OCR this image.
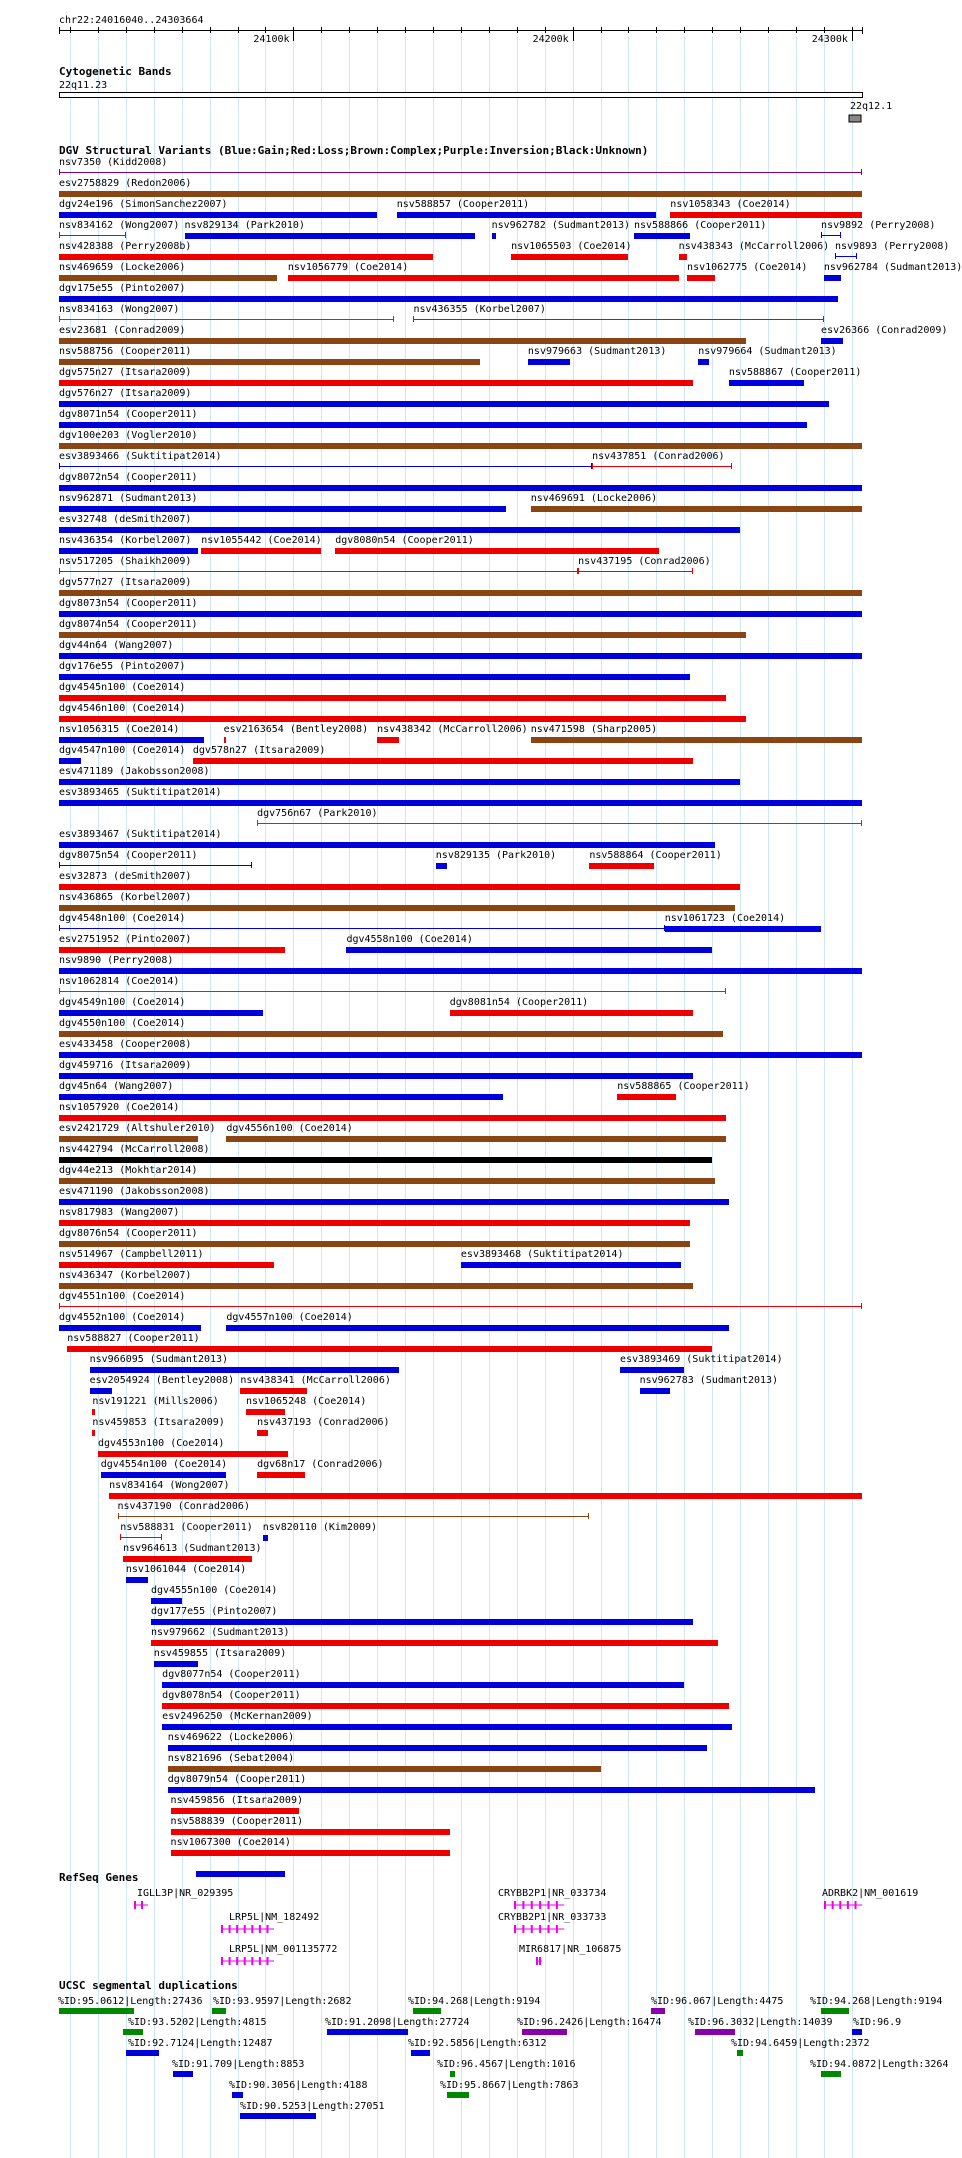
chr22:24016040..24303664
24100k	24200k	24300k
Cytogenetic Bands
22q11.23
22q12.1
DGV Structural Variants (Blue:Gain;Red:Loss;Brown:Complex;Purple:Inversion;Black:Unknown)
nsv7350 (Kidd2008)
esv2758829 (Redon2006)
dgv24e196 (SimonSanchez2007)	nsv588857 (Cooper2011)	nsv1058343 (Coe2014)
nsv834162 (Wong2007) nsv829134 (Park2010)	nsv962782 (Sudmant2013) nsv588866 (Cooper2011)	nsv9892 (Perry2008)
nsv428388 (Perry2008b)	nsv1065503 (Coe2014)	nsv438343 (McCarroll2006) nsv9893 (Perry2008)
nsv469659 (Locke2006)	nsv1056779 (Coe2014)	nsv1062775 (Coe2014) nsv962784 (Sudmant2013)
dgv175e55 (Pinto2007)
nsv834163 (Wong2007)	nsv436355 (Korbel2007)
esv23681 (Conrad2009)	esv26366 (Conrad2009)
nsv588756 (Cooper2011)	nsv979663 (Sudmant2013)	nsv979664 (Sudmant2013)
dgv575n27 (Itsara2009)	nsv588867 (Cooper2011)
dgv576n27 (Itsara2009)
dgv8071n54 (Cooper2011)
dgv100e203 (Vogler2010)
esv3893466 (Suktitipat2014)	nsv437851 (Conrad2006)
dgv8072n54 (Cooper2011)
nsv962871 (Sudmant2013)	nsv469691 (Locke2006)
esv32748 (deSmith2007)
nsv436354 (Korbel2007) nsv1055442 (Coe2014) dgv8080n54 (Cooper2011)
nsv517205 (Shaikh2009)	nsv437195 (Conrad2006)
dgv577n27 (Itsara2009)
dgv8073n54 (Cooper2011)
dgv8074n54 (Cooper2011)
dgv44n64 (Wang2007)
dgv176e55 (Pinto2007)
dgv4545n100 (Coe2014)
dgv4546n100 (Coe2014)
nsv1056315 (Coe2014)	esv2163654 (Bentley2008) nsv438342 (McCarroll2006) nsv471598 (Sharp2005)
dgv4547n100 (Coe2014) dgv578n27 (Itsara2009)
esv471189 (Jakobsson2008)
esv3893465 (Suktitipat2014)
dgv756n67 (Park2010)
esv3893467 (Suktitipat2014)
dgv8075n54 (Cooper2011)	nsv829135 (Park2010)	nsv588864 (Cooper2011)
esv32873 (deSmith2007)
nsv436865 (Korbel2007)
dgv4548n100 (Coe2014)	nsv1061723 (Coe2014)
esv2751952 (Pinto2007)	dgv4558n100 (Coe2014)
nsv9890 (Perry2008)
nsv1062814 (Coe2014)
dgv4549n100 (Coe2014)	dgv8081n54 (Cooper2011)
dgv4550n100 (Coe2014)
esv433458 (Cooper2008)
dgv459716 (Itsara2009)
dgv45n64 (Wang2007)	nsv588865 (Cooper2011)
nsv1057920 (Coe2014)
esv2421729 (Altshuler2010) dgv4556n100 (Coe2014)
nsv442794 (McCarroll2008)
dgv44e213 (Mokhtar2014)
esv471190 (Jakobsson2008)
nsv817983 (Wang2007)
dgv8076n54 (Cooper2011)
nsv514967 (Campbell2011)	esv3893468 (Suktitipat2014)
nsv436347 (Korbel2007)
dgv4551n100 (Coe2014)
dgv4552n100 (Coe2014)	dgv4557n100 (Coe2014)
nsv588827 (Cooper2011)
nsv966095 (Sudmant2013)	esv3893469 (Suktitipat2014)
esv2054924 (Bentley2008) nsv438341 (McCarroll2006)	nsv962783 (Sudmant2013)
nsv191221 (Mills2006)	nsv1065248 (Coe2014)
nsv459853 (Itsara2009)	nsv437193 (Conrad2006)
dgv4553n100 (Coe2014)
dgv4554n100 (Coe2014)	dgv68n17 (Conrad2006)
nsv834164 (Wong2007)
nsv437190 (Conrad2006)
nsv588831 (Cooper2011) nsv820110 (Kim2009)
nsv964613 (Sudmant2013)
nsv1061044 (Coe2014)
dgv4555n100 (Coe2014)
dgv177e55 (Pinto2007)
nsv979662 (Sudmant2013)
nsv459855 (Itsara2009)
dgv8077n54 (Cooper2011)
dgv8078n54 (Cooper2011)
esv2496250 (McKernan2009)
nsv469622 (Locke2006)
nsv821696 (Sebat2004)
dgv8079n54 (Cooper2011)
nsv459856 (Itsara2009)
nsv588839 (Cooper2011)
nsv1067300 (Coe2014)
RefSeq Genes
IGLL3P|NR_029395
LRP5L|NM_182492
LRP5L|NM_001135772
CRYBB2P1|NR_033734
CRYBB2P1|NR_033733
MIR6817|NR_106875
ADRBK2|NM_001619
UCSC segmental duplications
%ID:95.0612|Length:27436 %ID:93.9597|Length:2682	%ID:94.268|Length:9194	%ID:96.067|Length:4475	%ID:94.268|Length:9194
%ID:93.5202|Length:4815	%ID:91.2098|Length:27724	%ID:96.2426|Length:16474	%ID:96.3032|Length:14039 %ID:96.9
%ID:92.7124|Length:12487	%ID:92.5856|Length:6312	%ID:94.6459|Length:2372
%ID:91.709|Length:8853	%ID:96.4567|Length:1016	%ID:94.0872|Length:3264
%ID:90.3056|Length:4188	%ID:95.8667|Length:7863
%ID:90.5253|Length:27051
